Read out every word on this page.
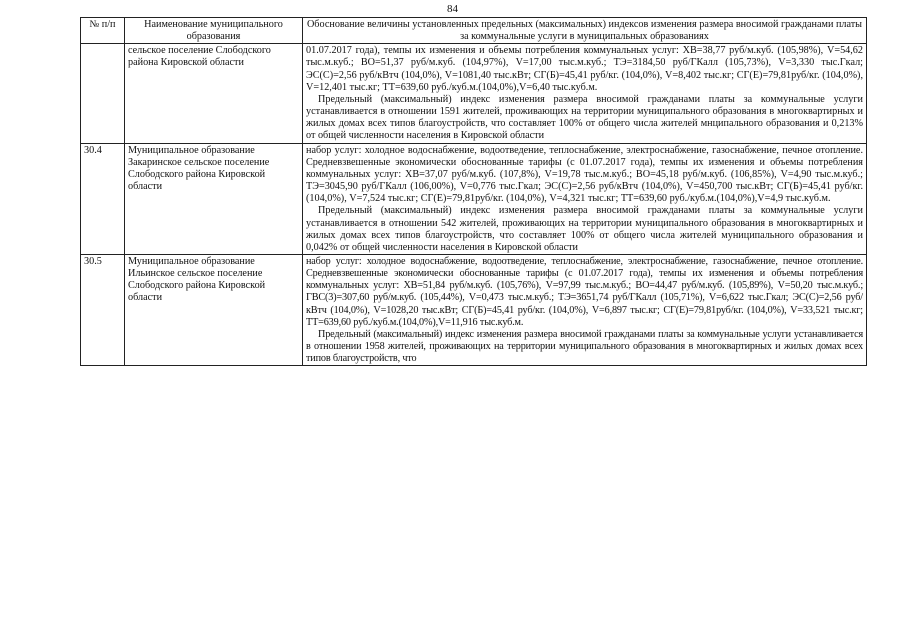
84
№ п/п	Наименование муниципального образования	Обоснование величины установленных предельных (максимальных) индексов изменения размера вносимой гражданами платы за коммунальные услуги в муниципальных образованиях
	сельское поселение Слободского района Кировской области	01.07.2017 года), темпы их изменения и объемы потребления коммунальных услуг: ХВ=38,77 руб/м.куб. (105,98%), V=54,62 тыс.м.куб.; ВО=51,37 руб/м.куб. (104,97%), V=17,00 тыс.м.куб.; ТЭ=3184,50 руб/ГКалл (105,73%), V=3,330 тыс.Гкал; ЭС(С)=2,56 руб/кВтч (104,0%), V=1081,40 тыс.кВт; СГ(Б)=45,41 руб/кг. (104,0%), V=8,402 тыс.кг; СГ(Е)=79,81руб/кг. (104,0%), V=12,401 тыс.кг; ТТ=639,60 руб./куб.м.(104,0%),V=6,40 тыс.куб.м.

Предельный (максимальный) индекс изменения размера вносимой гражданами платы за коммунальные услуги устанавливается в отношении 1591 жителей, проживающих на территории муниципального образования в многоквартирных и жилых домах всех типов благоустройств, что составляет 100% от общего числа жителей мнципального образования и 0,213% от общей численности населения в Кировской области

30.4	Муниципальное образование Закаринское сельское поселение Слободского района Кировской области	набор услуг: холодное водоснабжение, водоотведение, теплоснабжение, электроснабжение, газоснабжение, печное отопление. Средневзвешенные экономически обоснованные тарифы (с 01.07.2017 года), темпы их изменения и объемы потребления коммунальных услуг: ХВ=37,07 руб/м.куб. (107,8%), V=19,78 тыс.м.куб.; ВО=45,18 руб/м.куб. (106,85%), V=4,90 тыс.м.куб.; ТЭ=3045,90 руб/ГКалл (106,00%), V=0,776 тыс.Гкал; ЭС(С)=2,56 руб/кВтч (104,0%), V=450,700 тыс.кВт; СГ(Б)=45,41 руб/кг. (104,0%), V=7,524 тыс.кг; СГ(Е)=79,81руб/кг. (104,0%), V=4,321 тыс.кг; ТТ=639,60 руб./куб.м.(104,0%),V=4,9 тыс.куб.м.

Предельный (максимальный) индекс изменения размера вносимой гражданами платы за коммунальные услуги устанавливается в отношении 542 жителей, проживающих на территории муниципального образования в многоквартирных и жилых домах всех типов благоустройств, что составляет 100% от общего числа жителей муниципального образования и 0,042% от общей численности населения в Кировской области

30.5	Муниципальное образование Ильинское сельское поселение Слободского района Кировской области	набор услуг: холодное водоснабжение, водоотведение, теплоснабжение, электроснабжение, газоснабжение, печное отопление. Средневзвешенные экономически обоснованные тарифы (с 01.07.2017 года), темпы их изменения и объемы потребления коммунальных услуг: ХВ=51,84 руб/м.куб. (105,76%), V=97,99 тыс.м.куб.; ВО=44,47 руб/м.куб. (105,89%), V=50,20 тыс.м.куб.; ГВС(3)=307,60 руб/м.куб. (105,44%), V=0,473 тыс.м.куб.; ТЭ=3651,74 руб/ГКалл (105,71%), V=6,622 тыс.Гкал; ЭС(С)=2,56 руб/кВтч (104,0%), V=1028,20 тыс.кВт; СГ(Б)=45,41 руб/кг. (104,0%), V=6,897 тыс.кг; СГ(Е)=79,81руб/кг. (104,0%), V=33,521 тыс.кг; ТТ=639,60 руб./куб.м.(104,0%),V=11,916 тыс.куб.м.

Предельный (максимальный) индекс изменения размера вносимой гражданами платы за коммунальные услуги устанавливается в отношении 1958 жителей, проживающих на территории муниципального образования в многоквартирных и жилых домах всех типов благоустройств, что
